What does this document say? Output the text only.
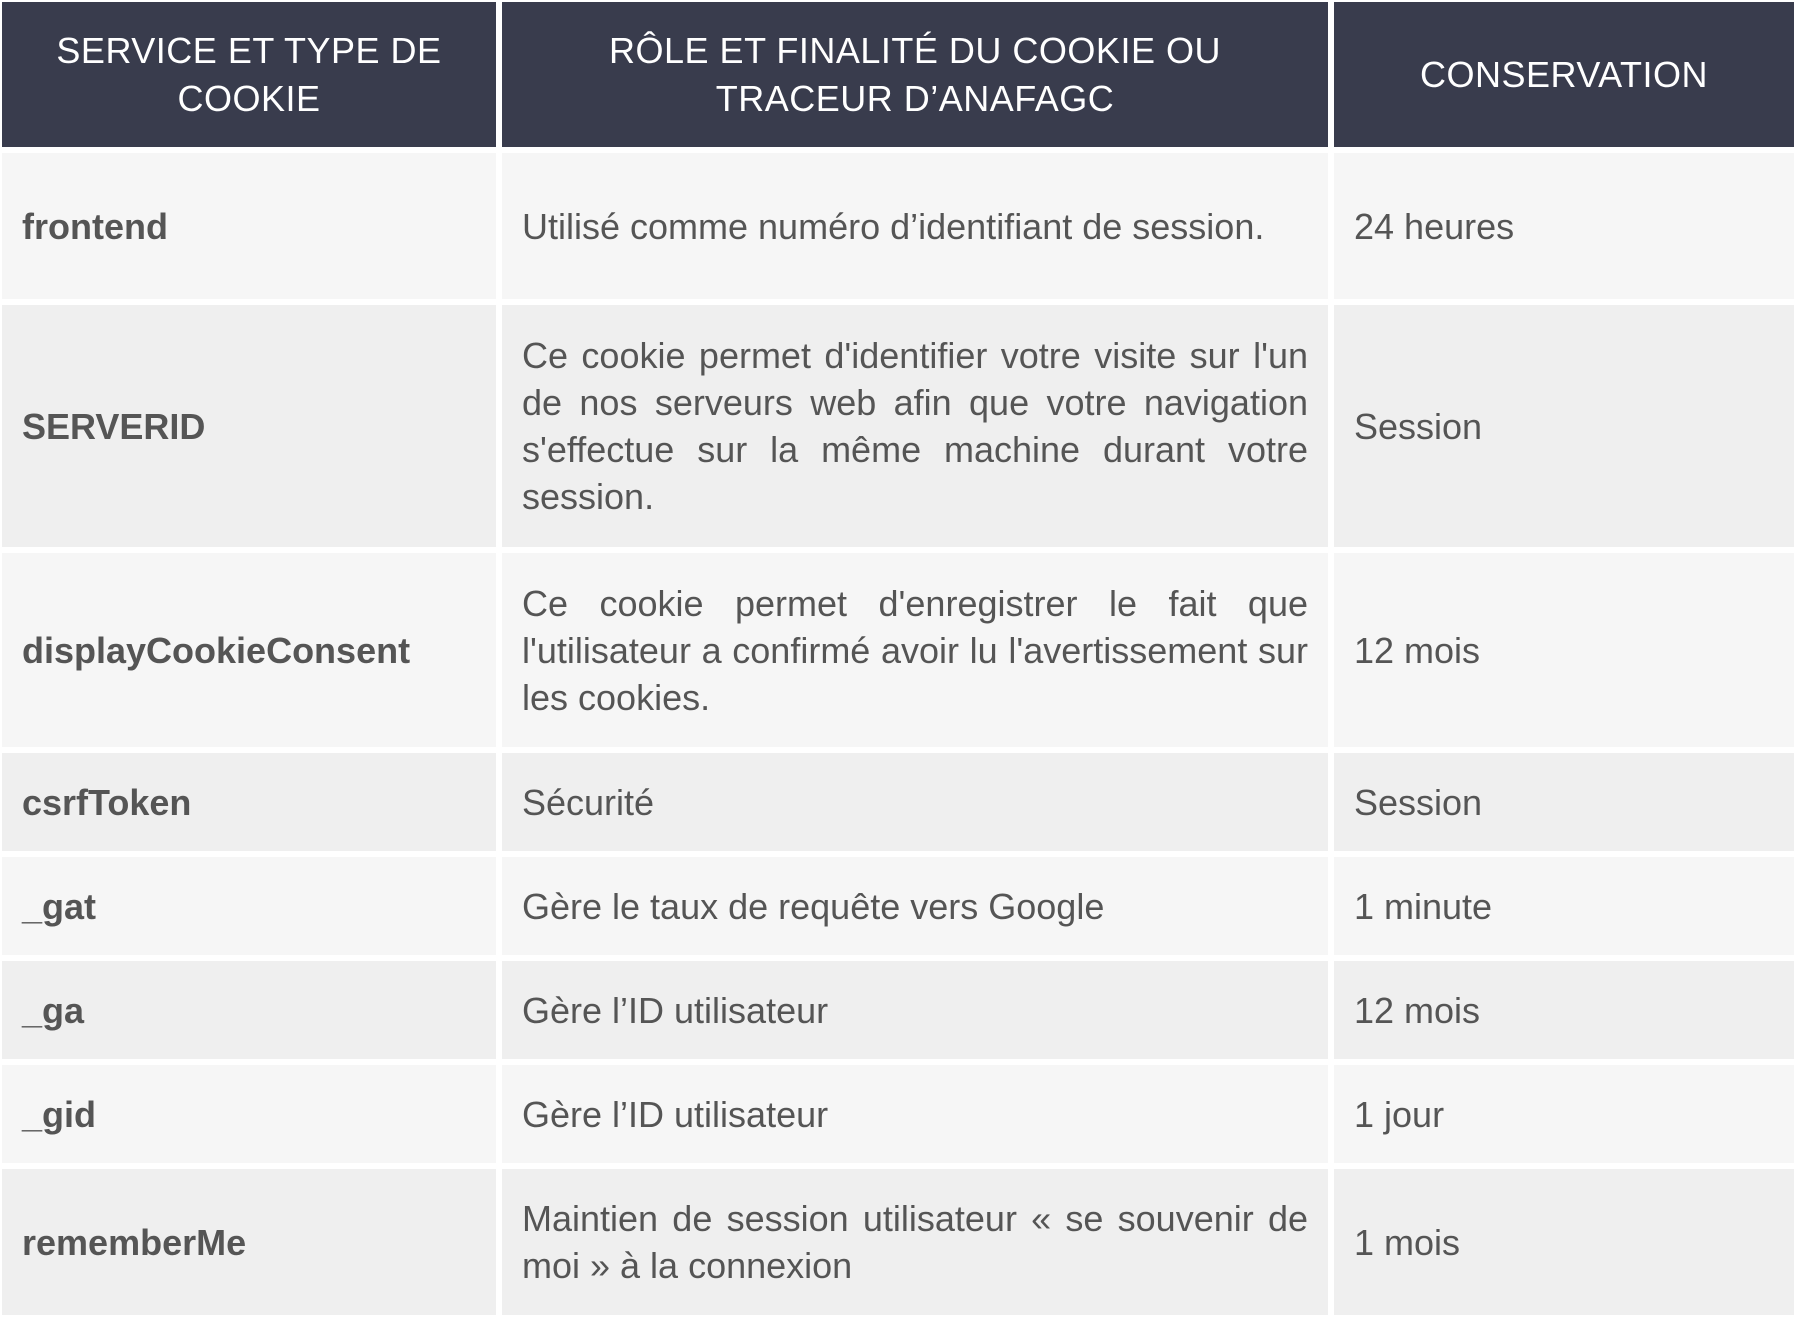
SERVICE ET TYPE DE COOKIE	RÔLE ET FINALITÉ DU COOKIE OU TRACEUR D’ANAFAGC	CONSERVATION
frontend	Utilisé comme numéro d’identifiant de session.	24 heures
SERVERID	Ce cookie permet d'identifier votre visite sur l'un de nos serveurs web afin que votre navigation s'effectue sur la même machine durant votre session.	Session
displayCookieConsent	Ce cookie permet d'enregistrer le fait que l'utilisateur a confirmé avoir lu l'avertissement sur les cookies.	12 mois
csrfToken	Sécurité	Session
_gat	Gère le taux de requête vers Google	1 minute
_ga	Gère l’ID utilisateur	12 mois
_gid	Gère l’ID utilisateur	1 jour
rememberMe	Maintien de session utilisateur « se souvenir de moi » à la connexion	1 mois
